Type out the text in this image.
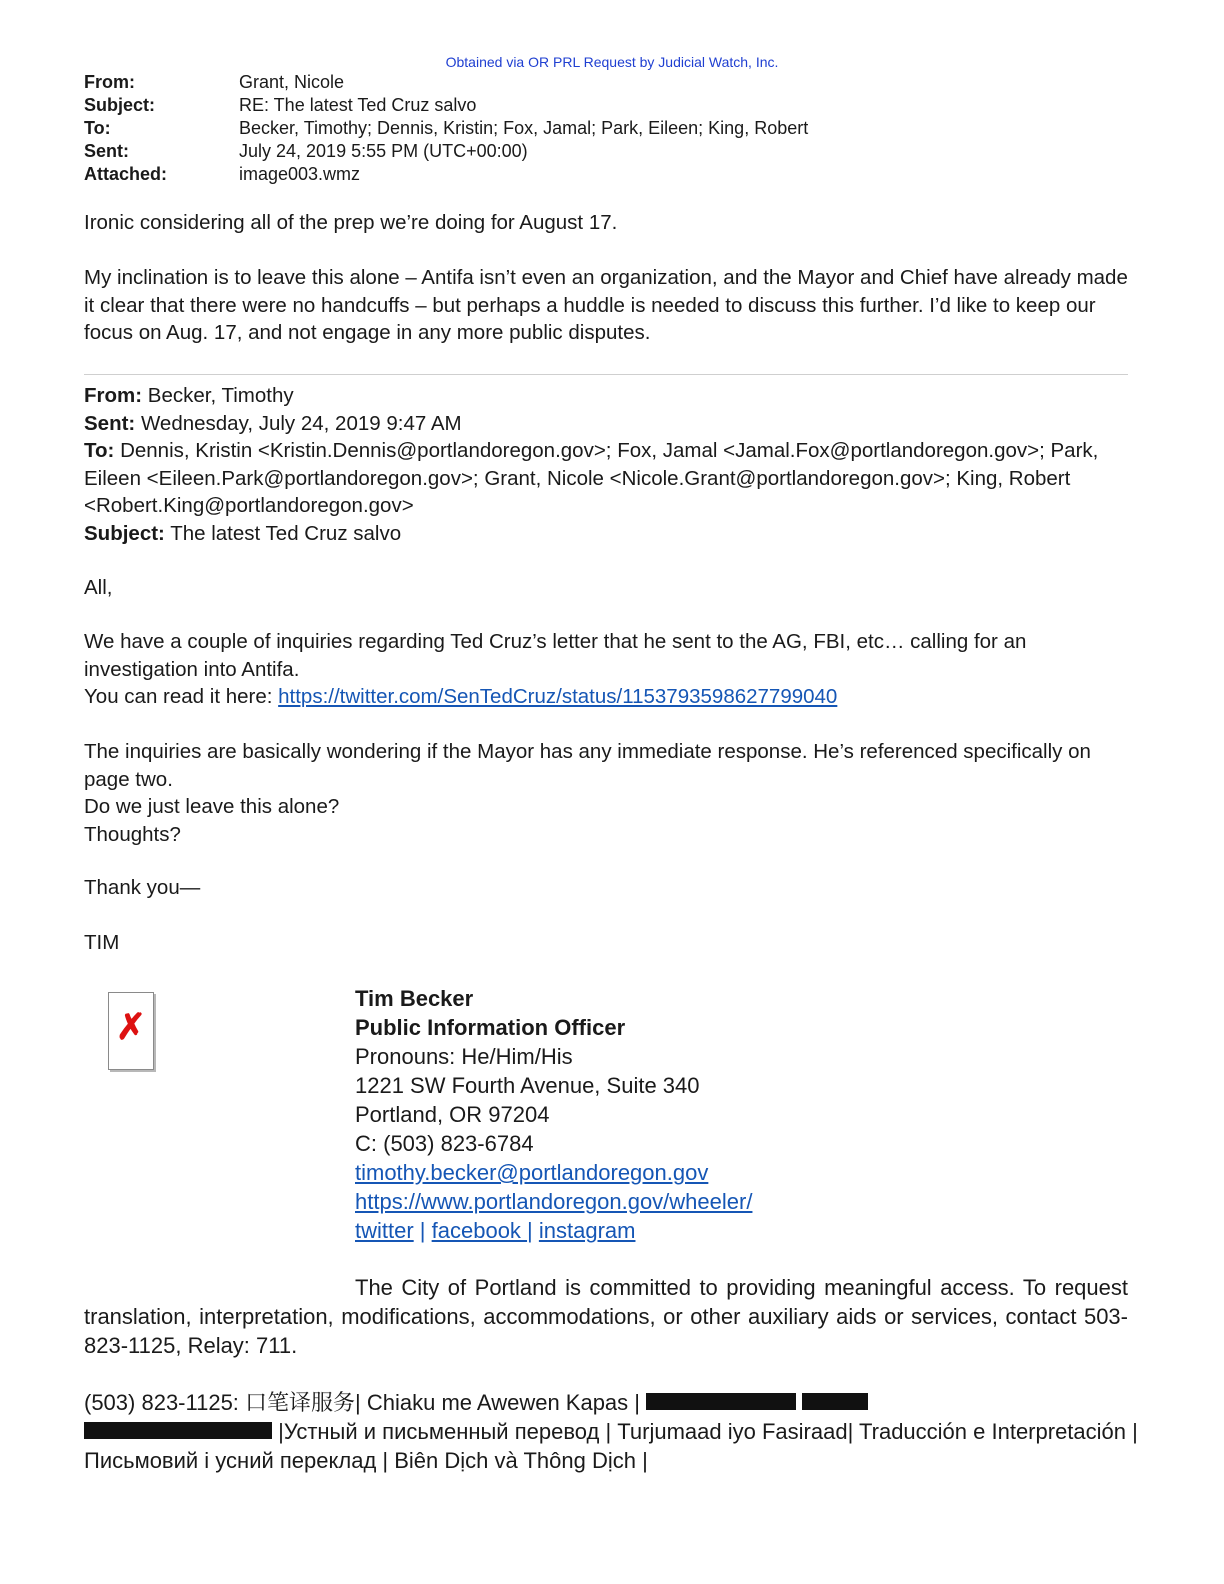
Obtained via OR PRL Request by Judicial Watch, Inc.
From:	Grant, Nicole
Subject:	RE: The latest Ted Cruz salvo
To:	Becker, Timothy; Dennis, Kristin; Fox, Jamal; Park, Eileen; King, Robert
Sent:	July 24, 2019 5:55 PM (UTC+00:00)
Attached:	image003.wmz

Ironic considering all of the prep we’re doing for August 17.

My inclination is to leave this alone – Antifa isn’t even an organization, and the Mayor and Chief have already made it clear that there were no handcuffs – but perhaps a huddle is needed to discuss this further. I’d like to keep our focus on Aug. 17, and not engage in any more public disputes.

From: Becker, Timothy
Sent: Wednesday, July 24, 2019 9:47 AM
To: Dennis, Kristin <Kristin.Dennis@portlandoregon.gov>; Fox, Jamal <Jamal.Fox@portlandoregon.gov>; Park, Eileen <Eileen.Park@portlandoregon.gov>; Grant, Nicole <Nicole.Grant@portlandoregon.gov>; King, Robert <Robert.King@portlandoregon.gov>
Subject: The latest Ted Cruz salvo

All,

We have a couple of inquiries regarding Ted Cruz’s letter that he sent to the AG, FBI, etc… calling for an investigation into Antifa.
You can read it here: https://twitter.com/SenTedCruz/status/1153793598627799040
The inquiries are basically wondering if the Mayor has any immediate response. He’s referenced specifically on page two.
Do we just leave this alone?
Thoughts?

Thank you—

TIM

✗
Tim Becker
Public Information Officer
Pronouns: He/Him/His
1221 SW Fourth Avenue, Suite 340
Portland, OR 97204
C: (503) 823-6784
timothy.becker@portlandoregon.gov
https://www.portlandoregon.gov/wheeler/
twitter | facebook | instagram
The City of Portland is committed to providing meaningful access. To request translation, interpretation, modifications, accommodations, or other auxiliary aids or services, contact 503-823-1125, Relay: 711.
(503) 823-1125: 口笔译服务| Chiaku me Awewen Kapas |
|Устный и письменный перевод | Turjumaad iyo Fasiraad| Traducción e Interpretación | Письмовий і усний переклад | Biên Dịch và Thông Dịch |
